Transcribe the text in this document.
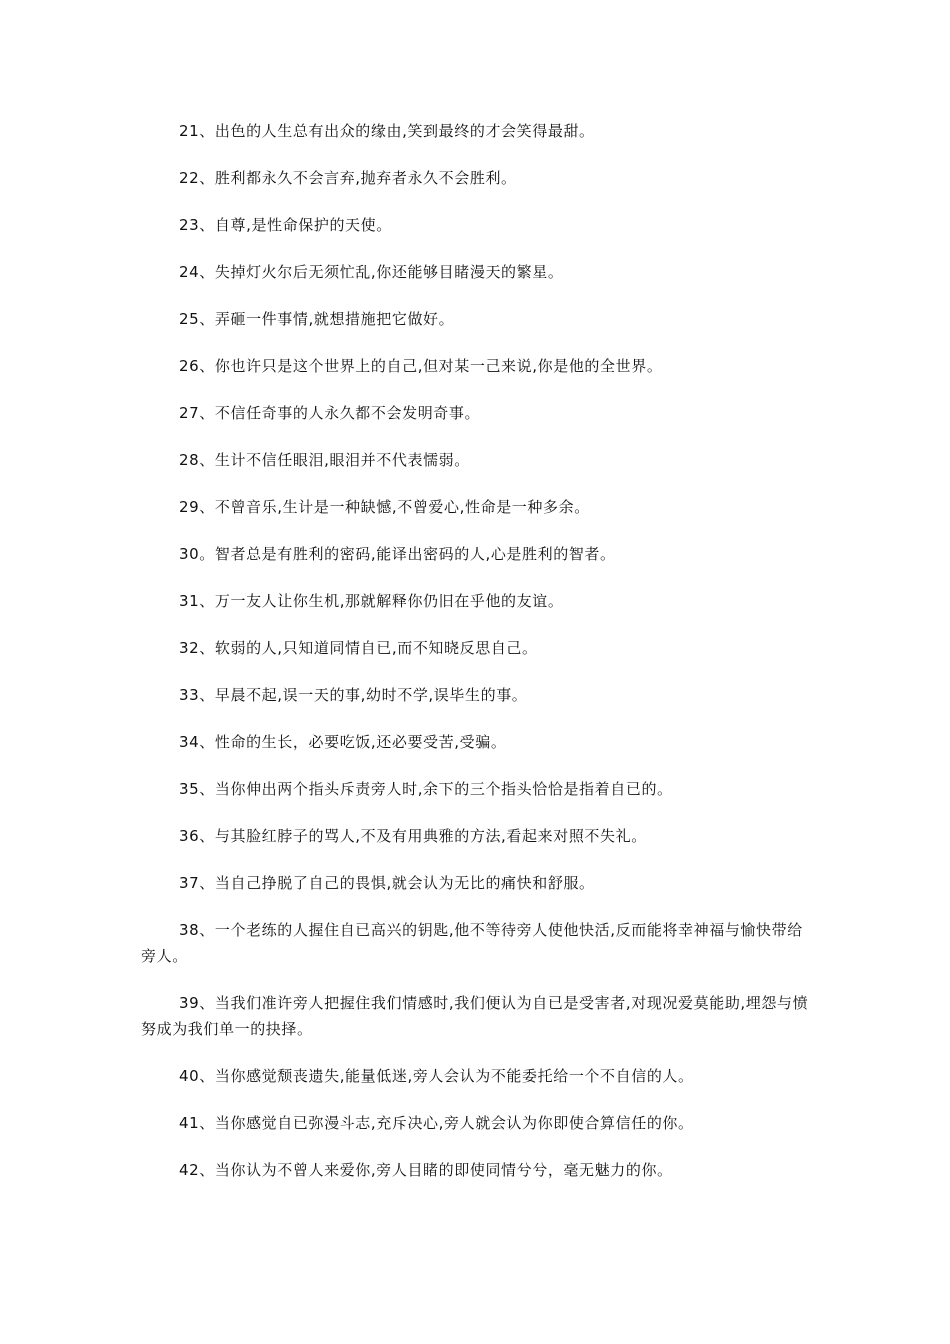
21、出色的人生总有出众的缘由,笑到最终的才会笑得最甜。

22、胜利都永久不会言弃,抛弃者永久不会胜利。

23、自尊,是性命保护的天使。

24、失掉灯火尔后无须忙乱,你还能够目睹漫天的繁星。

25、弄砸一件事情,就想措施把它做好。

26、你也许只是这个世界上的自己,但对某一己来说,你是他的全世界。

27、不信任奇事的人永久都不会发明奇事。

28、生计不信任眼泪,眼泪并不代表懦弱。

29、不曾音乐,生计是一种缺憾,不曾爱心,性命是一种多余。

30。智者总是有胜利的密码,能译出密码的人,心是胜利的智者。

31、万一友人让你生机,那就解释你仍旧在乎他的友谊。

32、软弱的人,只知道同情自已,而不知晓反思自己。

33、早晨不起,误一天的事,幼时不学,误毕生的事。

34、性命的生长，必要吃饭,还必要受苦,受骗。

35、当你伸出两个指头斥责旁人时,余下的三个指头恰恰是指着自已的。

36、与其脸红脖子的骂人,不及有用典雅的方法,看起来对照不失礼。

37、当自己挣脱了自己的畏惧,就会认为无比的痛快和舒服。

38、一个老练的人握住自已高兴的钥匙,他不等待旁人使他快活,反而能将幸神福与愉快带给旁人。

39、当我们准许旁人把握住我们情感时,我们便认为自已是受害者,对现况爱莫能助,埋怨与愤努成为我们单一的抉择。

40、当你感觉颓丧遗失,能量低迷,旁人会认为不能委托给一个不自信的人。

41、当你感觉自已弥漫斗志,充斥决心,旁人就会认为你即使合算信任的你。

42、当你认为不曾人来爱你,旁人目睹的即使同情兮兮，毫无魅力的你。
